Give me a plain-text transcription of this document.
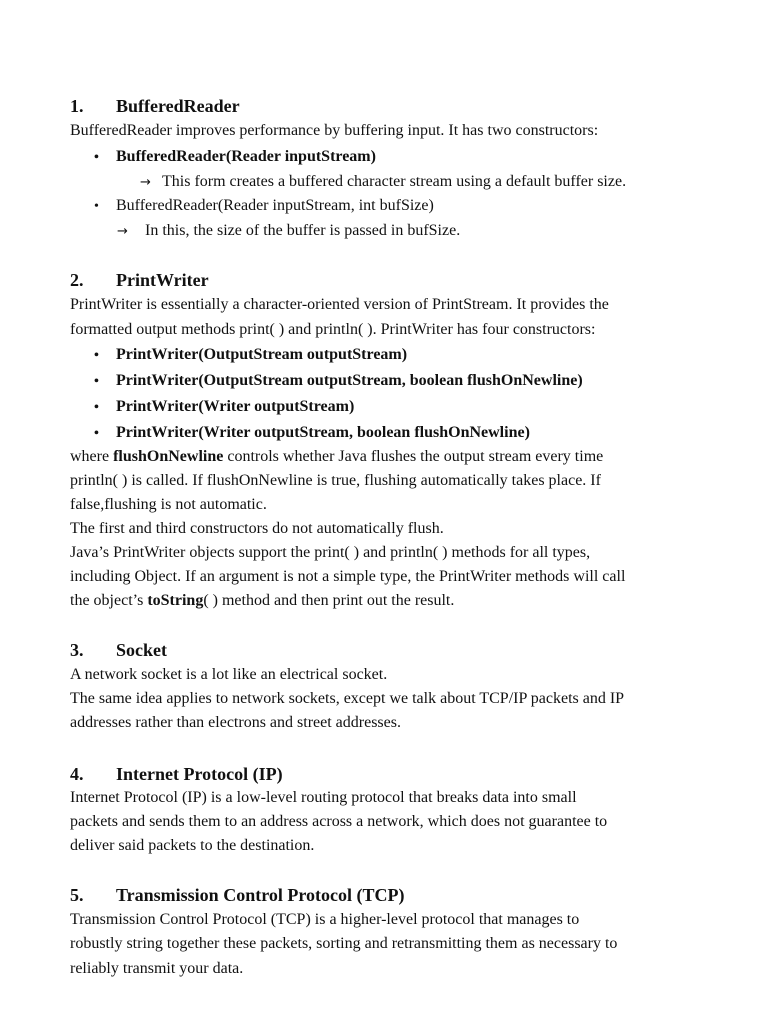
1. BufferedReader
BufferedReader improves performance by buffering input. It has two constructors:
• BufferedReader(Reader inputStream)
→ This form creates a buffered character stream using a default buffer size.
• BufferedReader(Reader inputStream, int bufSize)
→ In this, the size of the buffer is passed in bufSize.
2. PrintWriter
PrintWriter is essentially a character-oriented version of PrintStream. It provides the
formatted output methods print( ) and println( ). PrintWriter has four constructors:
• PrintWriter(OutputStream outputStream)
• PrintWriter(OutputStream outputStream, boolean flushOnNewline)
• PrintWriter(Writer outputStream)
• PrintWriter(Writer outputStream, boolean flushOnNewline)
where flushOnNewline controls whether Java flushes the output stream every time
println( ) is called. If flushOnNewline is true, flushing automatically takes place. If
false,flushing is not automatic.
The first and third constructors do not automatically flush.
Java’s PrintWriter objects support the print( ) and println( ) methods for all types,
including Object. If an argument is not a simple type, the PrintWriter methods will call
the object’s toString( ) method and then print out the result.
3. Socket
A network socket is a lot like an electrical socket.
The same idea applies to network sockets, except we talk about TCP/IP packets and IP
addresses rather than electrons and street addresses.
4. Internet Protocol (IP)
Internet Protocol (IP) is a low-level routing protocol that breaks data into small
packets and sends them to an address across a network, which does not guarantee to
deliver said packets to the destination.
5. Transmission Control Protocol (TCP)
Transmission Control Protocol (TCP) is a higher-level protocol that manages to
robustly string together these packets, sorting and retransmitting them as necessary to
reliably transmit your data.
